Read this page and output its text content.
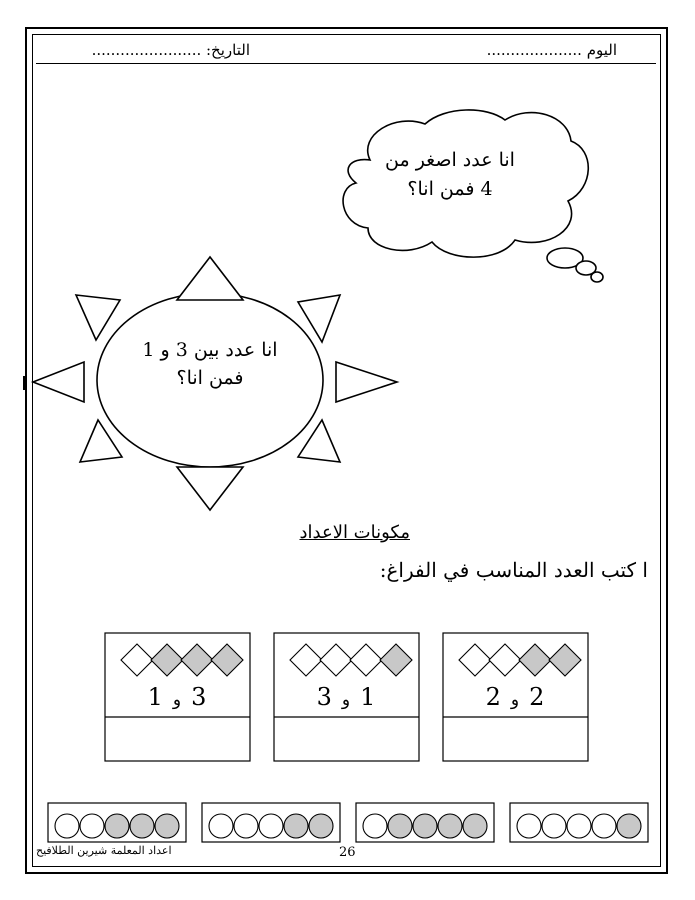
اليوم ....................
التاريخ: .......................
انا عدد اصغر من
4 فمن انا؟
انا عدد بين 3 و 1
فمن انا؟
مكونات الاعداد
ا كتب العدد المناسب في الفراغ:
3و1	1و3	2و2
اعداد المعلمة شيرين الطلافيح	26
